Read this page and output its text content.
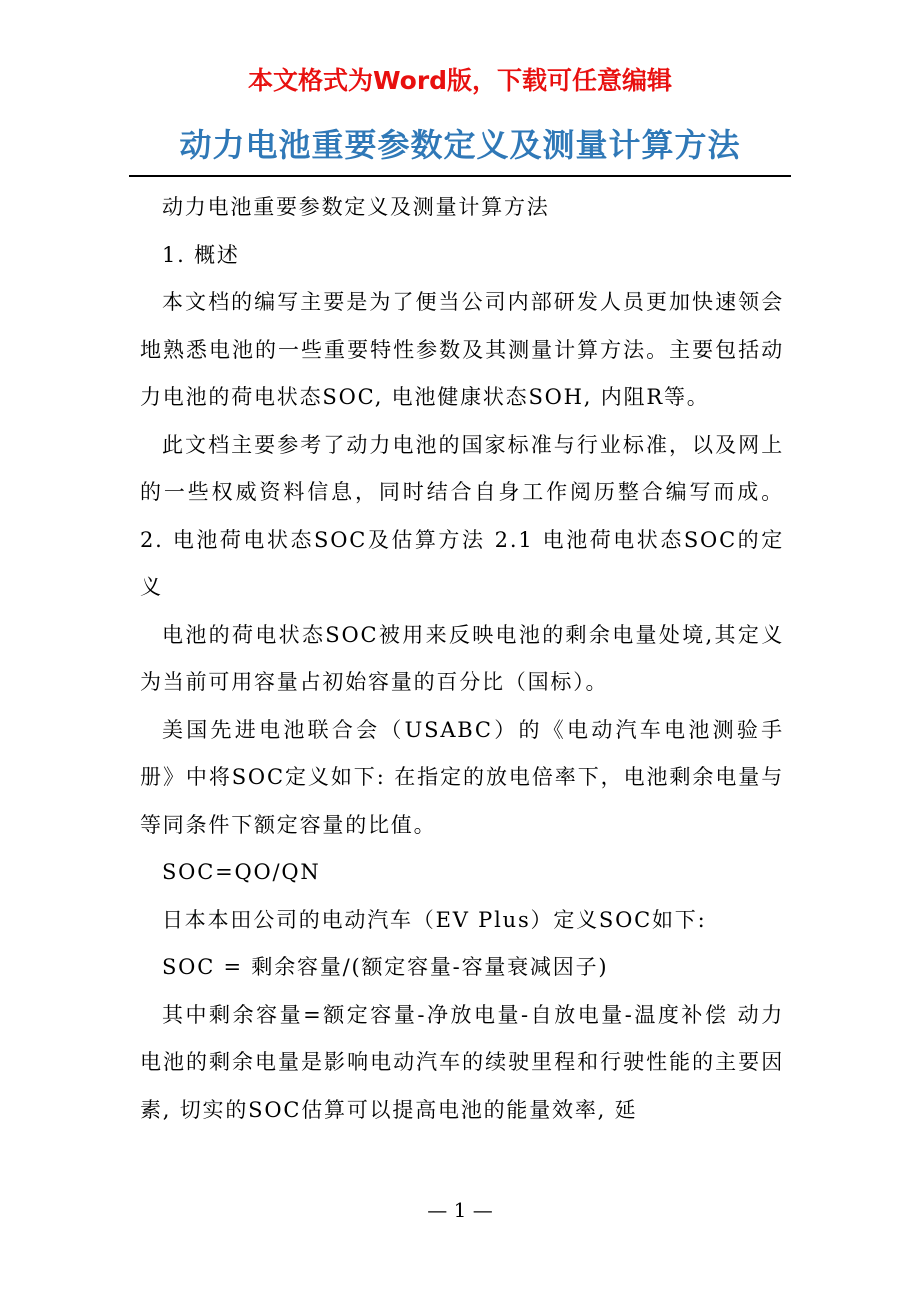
本文格式为Word版，下载可任意编辑
动力电池重要参数定义及测量计算方法

动力电池重要参数定义及测量计算方法

1. 概述

本文档的编写主要是为了便当公司内部研发人员更加快速领会地熟悉电池的一些重要特性参数及其测量计算方法。主要包括动力电池的荷电状态SOC, 电池健康状态SOH, 内阻R等。

此文档主要参考了动力电池的国家标准与行业标准，以及网上的一些权威资料信息，同时结合自身工作阅历整合编写而成。 2. 电池荷电状态SOC及估算方法 2.1 电池荷电状态SOC的定义

电池的荷电状态SOC被用来反映电池的剩余电量处境,其定义为当前可用容量占初始容量的百分比（国标）。

美国先进电池联合会（USABC）的《电动汽车电池测验手册》中将SOC定义如下: 在指定的放电倍率下，电池剩余电量与等同条件下额定容量的比值。

SOC=QO/QN

日本本田公司的电动汽车（EV Plus）定义SOC如下:

SOC = 剩余容量/(额定容量-容量衰减因子)

其中剩余容量=额定容量-净放电量-自放电量-温度补偿 动力电池的剩余电量是影响电动汽车的续驶里程和行驶性能的主要因素, 切实的SOC估算可以提高电池的能量效率, 延

— 1 —
